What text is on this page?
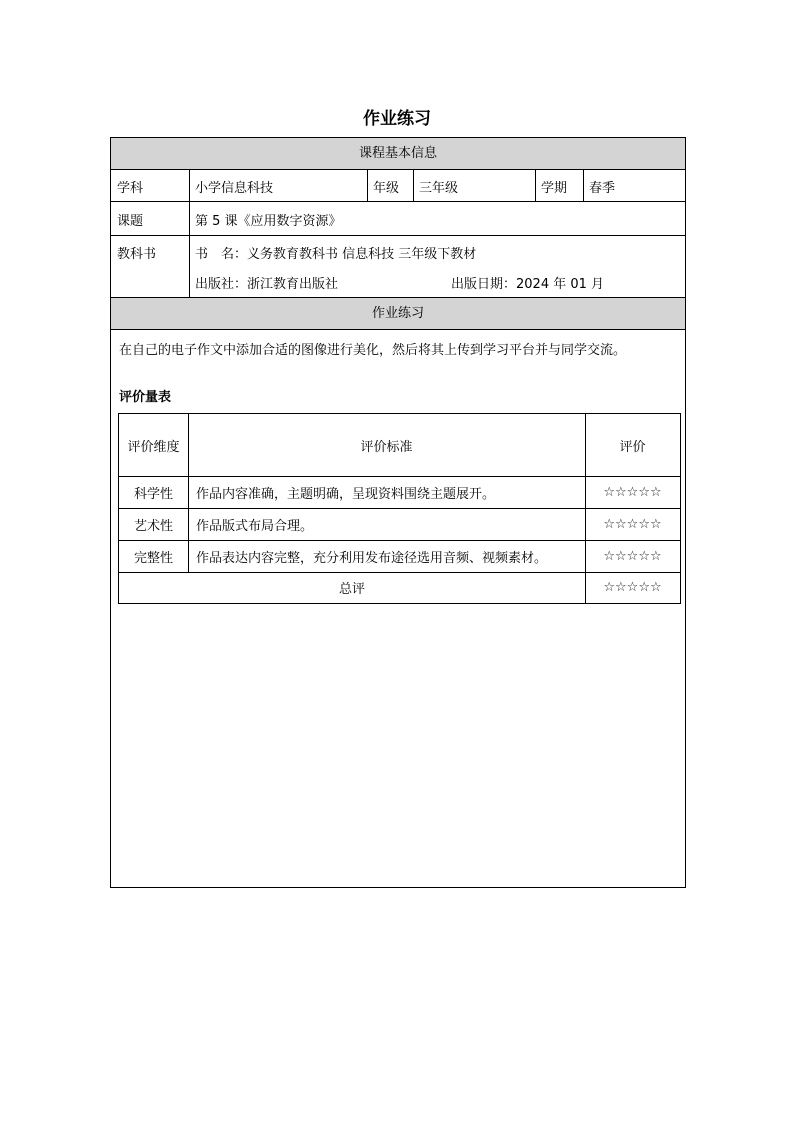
作业练习
课程基本信息
学科	小学信息科技	年级	三年级	学期	春季
课题	第 5 课《应用数字资源》
教科书	书　名：义务教育教科书 信息科技 三年级下教材
出版社：浙江教育出版社	出版日期：2024 年 01 月
作业练习
在自己的电子作文中添加合适的图像进行美化，然后将其上传到学习平台并与同学交流。
评价量表
评价维度	评价标准	评价
科学性	作品内容准确，主题明确，呈现资料围绕主题展开。	☆☆☆☆☆
艺术性	作品版式布局合理。	☆☆☆☆☆
完整性	作品表达内容完整，充分利用发布途径选用音频、视频素材。	☆☆☆☆☆
总评	☆☆☆☆☆
